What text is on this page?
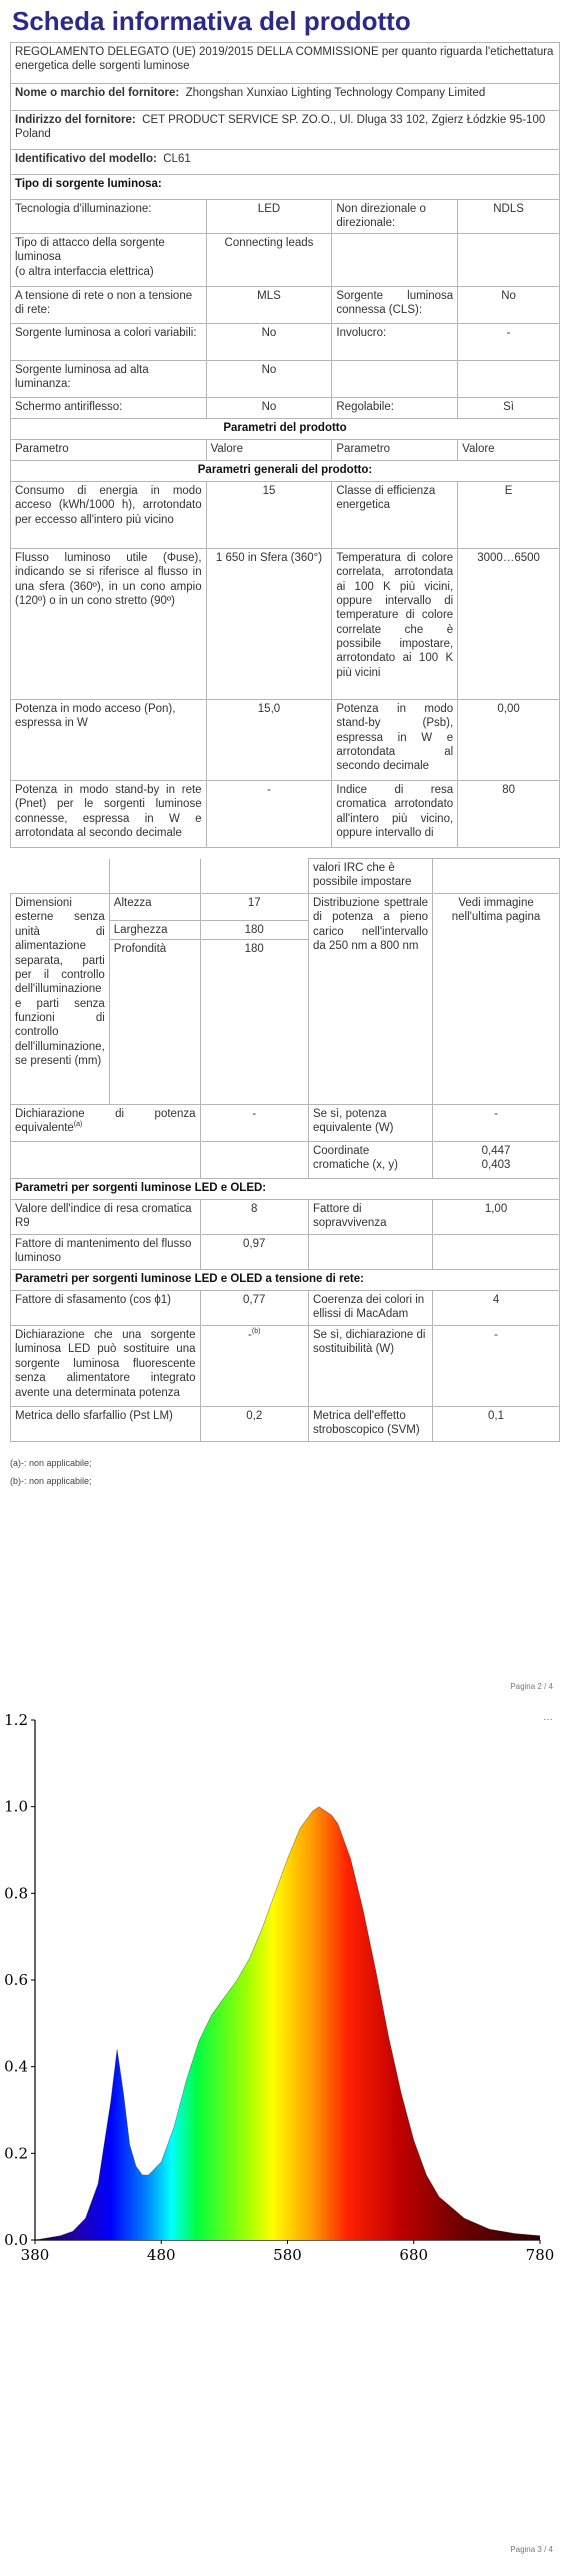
Scheda informativa del prodotto
REGOLAMENTO DELEGATO (UE) 2019/2015 DELLA COMMISSIONE per quanto riguarda l'etichettatura energetica delle sorgenti luminose			
Nome o marchio del fornitore: Zhongshan Xunxiao Lighting Technology Company Limited			
Indirizzo del fornitore: CET PRODUCT SERVICE SP. ZO.O., Ul. Dluga 33 102, Zgierz Łódzkie 95-100 Poland			
Identificativo del modello: CL61			
Tipo di sorgente luminosa:			
Tecnologia d'illuminazione:	LED	Non direzionale o direzionale:	NDLS
Tipo di attacco della sorgente luminosa
(o altra interfaccia elettrica)	Connecting leads		
A tensione di rete o non a tensione di rete:	MLS	Sorgente luminosa connessa (CLS):	No
Sorgente luminosa a colori variabili:	No	Involucro:	-
Sorgente luminosa ad alta luminanza:	No		
Schermo antiriflesso:	No	Regolabile:	Sì
Parametri del prodotto			
Parametro	Valore	Parametro	Valore
Parametri generali del prodotto:			
Consumo di energia in modo acceso (kWh/1000 h), arrotondato per eccesso all'intero più vicino	15	Classe di efficienza energetica	E
Flusso luminoso utile (Φuse), indicando se si riferisce al flusso in una sfera (360º), in un cono ampio (120º) o in un cono stretto (90º)	1 650 in Sfera (360°)	Temperatura di colore correlata, arrotondata ai 100 K più vicini, oppure intervallo di temperature di colore correlate che è possibile impostare, arrotondato ai 100 K più vicini	3000…6500
Potenza in modo acceso (Pon), espressa in W	15,0	Potenza in modo stand-by (Psb), espressa in W e arrotondata al secondo decimale	0,00
Potenza in modo stand-by in rete (Pnet) per le sorgenti luminose connesse, espressa in W e arrotondata al secondo decimale	-	Indice di resa cromatica arrotondato all'intero più vicino, oppure intervallo di	80
			valori IRC che è possibile impostare	
Dimensioni esterne senza unità di alimentazione separata, parti per il controllo dell'illuminazione e parti senza funzioni di controllo dell'illuminazione, se presenti (mm)	Altezza	17	Distribuzione spettrale di potenza a pieno carico nell'intervallo da 250 nm a 800 nm	Vedi immagine nell'ultima pagina
	Larghezza	180		
	Profondità	180		
Dichiarazione di potenza equivalente$^{(a)}$		-	Se sì, potenza equivalente (W)	-
			Coordinate cromatiche (x, y)	0,447
0,403
Parametri per sorgenti luminose LED e OLED:				
Valore dell'indice di resa cromatica R9		8	Fattore di sopravvivenza	1,00
Fattore di mantenimento del flusso luminoso		0,97		
Parametri per sorgenti luminose LED e OLED a tensione di rete:				
Fattore di sfasamento (cos ϕ1)		0,77	Coerenza dei colori in ellissi di MacAdam	4
Dichiarazione che una sorgente luminosa LED può sostituire una sorgente luminosa fluorescente senza alimentatore integrato avente una determinata potenza		-$^{(b)}$	Se sì, dichiarazione di sostituibilità (W)	-
Metrica dello sfarfallio (Pst LM)		0,2	Metrica dell'effetto stroboscopico (SVM)	0,1
(a)-: non applicabile;
(b)-: non applicabile;
Pagina 2 / 4
…
0.0
0.2
0.4
0.6
0.8
1.0
1.2
380	480	580	680	780
Pagina 3 / 4
